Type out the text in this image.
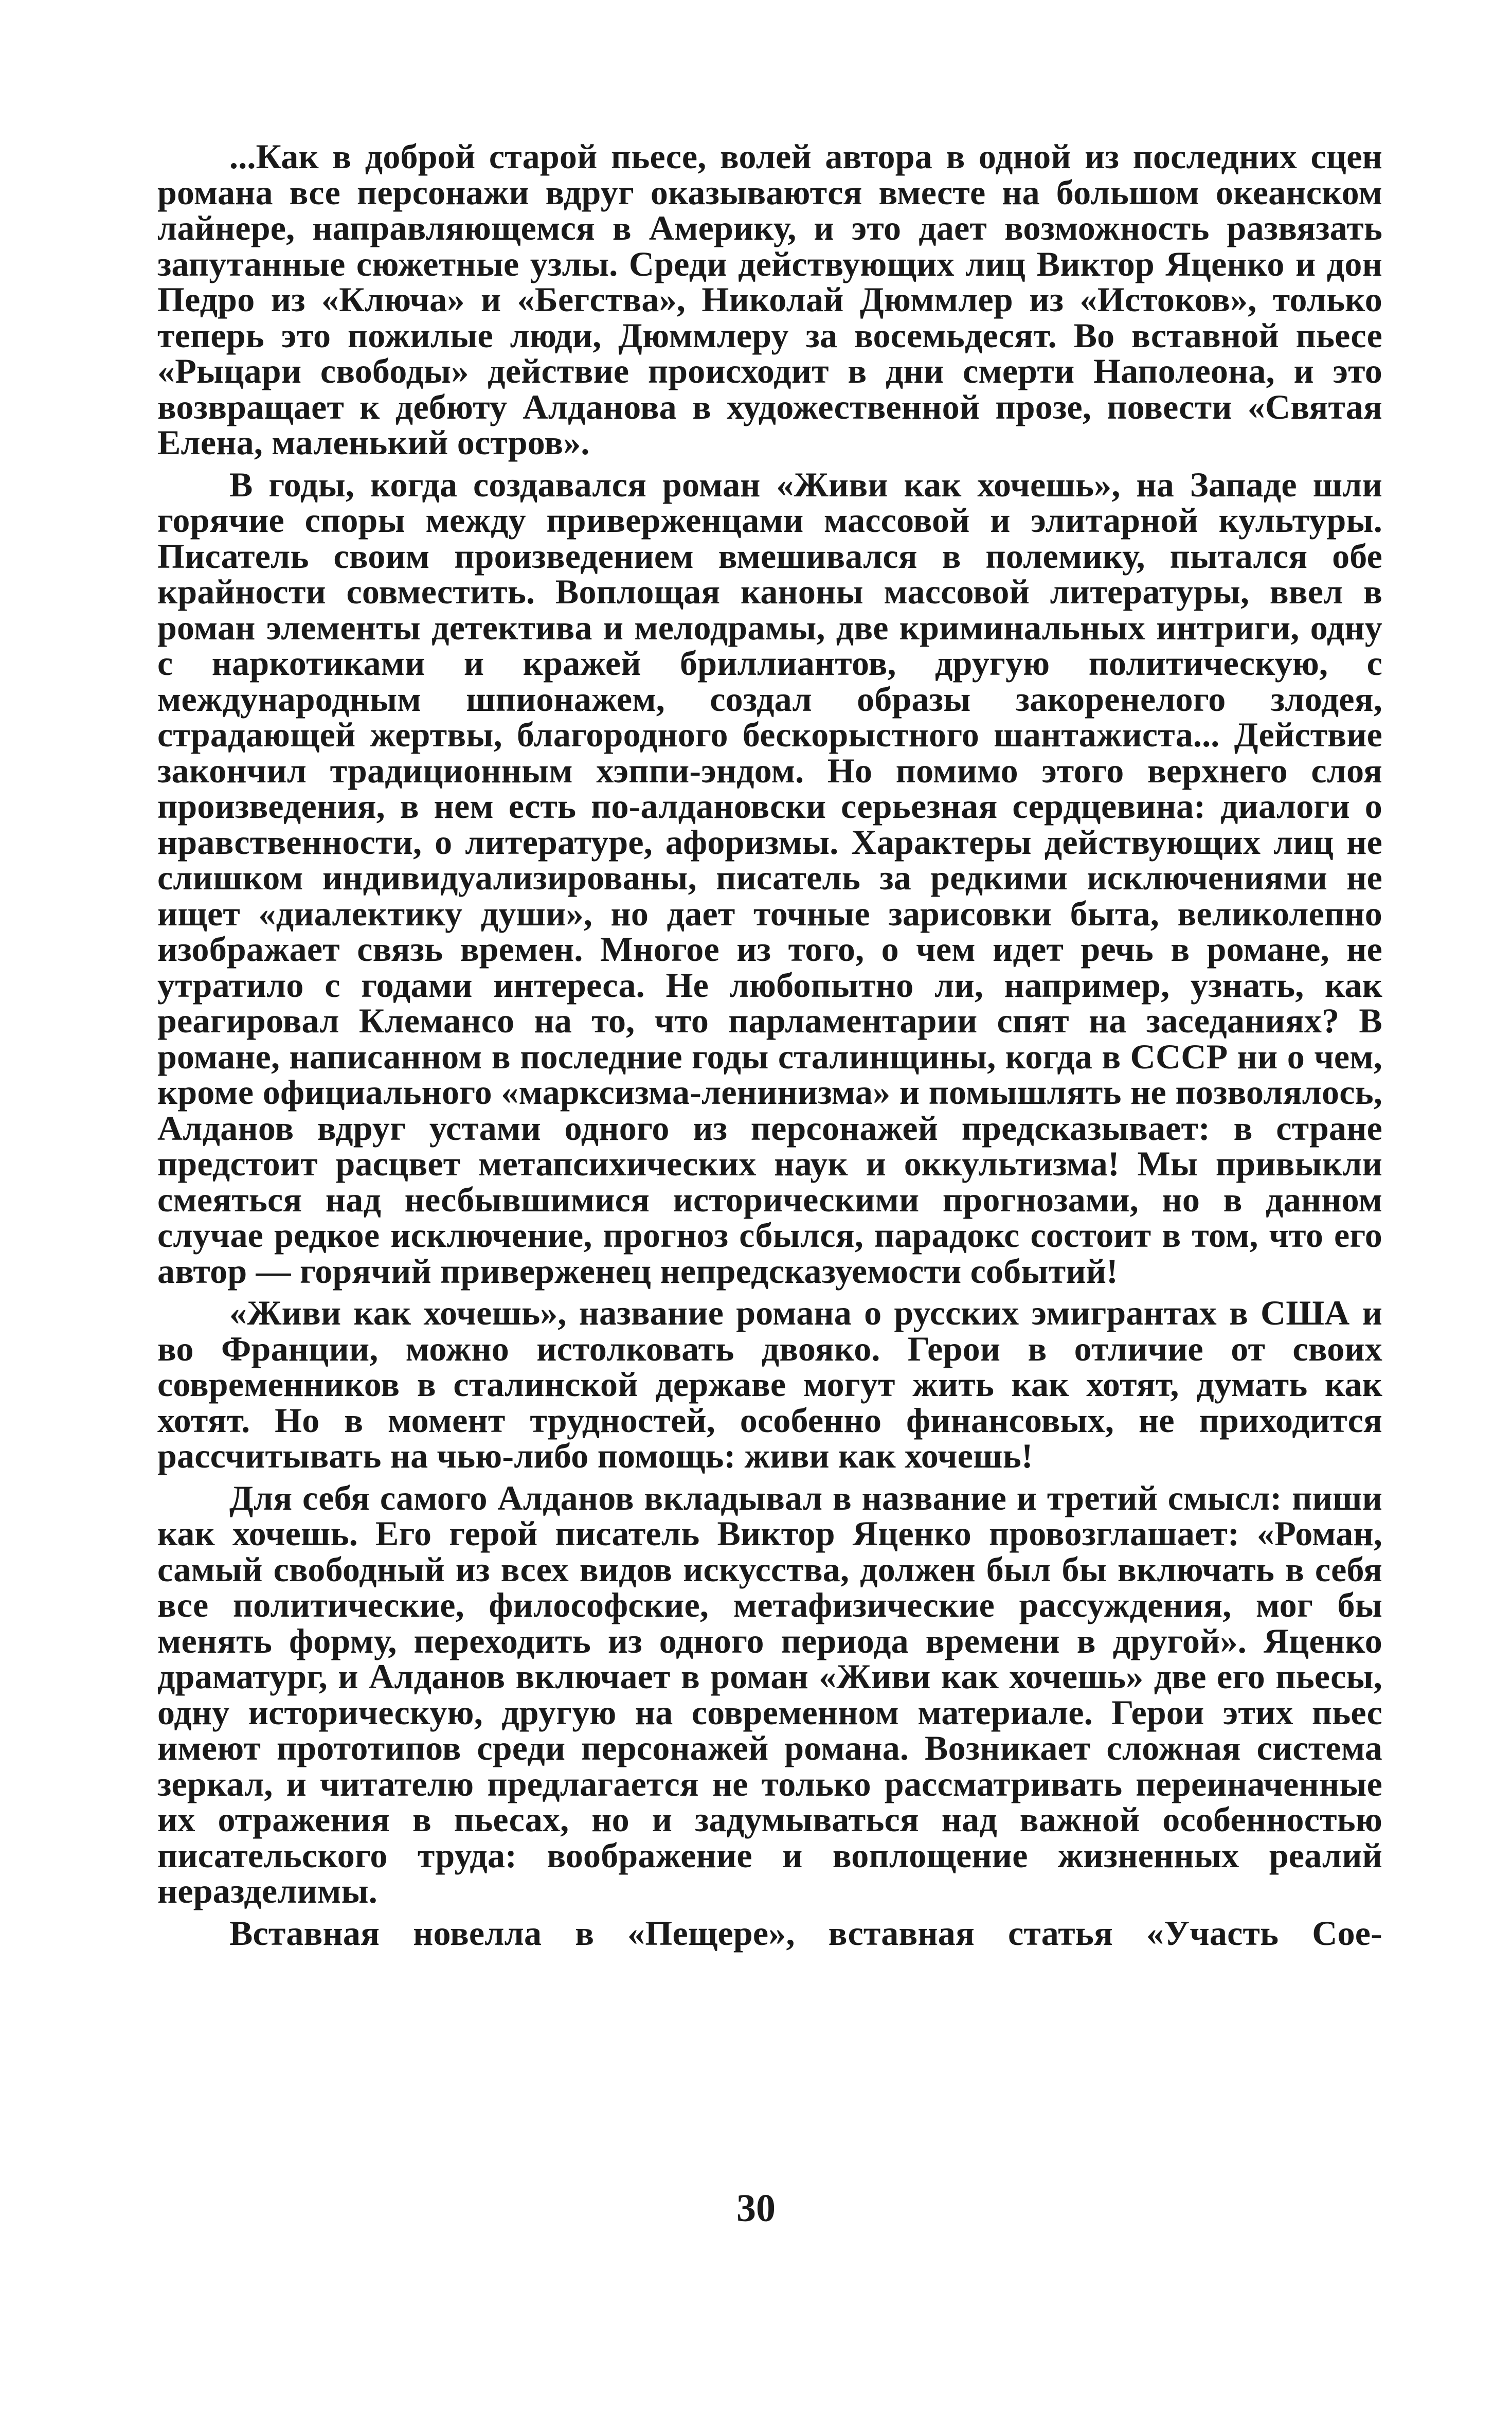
...Как в доброй старой пьесе, волей автора в одной из последних сцен романа все персонажи вдруг оказываются вместе на большом океанском лайнере, направляющемся в Америку, и это дает возможность развязать запутанные сюжетные узлы. Среди действующих лиц Виктор Яценко и дон Педро из «Ключа» и «Бегства», Николай Дюммлер из «Истоков», только теперь это пожилые люди, Дюммлеру за восемьдесят. Во вставной пьесе «Рыцари свободы» действие происходит в дни смерти Наполеона, и это возвращает к дебюту Алданова в художественной прозе, повести «Святая Елена, маленький остров».

В годы, когда создавался роман «Живи как хочешь», на Западе шли горячие споры между приверженцами массовой и элитарной культуры. Писатель своим произведением вмешивался в полемику, пытался обе крайности совместить. Воплощая каноны массовой литературы, ввел в роман элементы детектива и мелодрамы, две криминальных интриги, одну с наркотиками и кражей бриллиантов, другую политическую, с международным шпионажем, создал образы закоренелого злодея, страдающей жертвы, благородного бескорыстного шантажиста... Действие закончил традиционным хэппи-эндом. Но помимо этого верхнего слоя произведения, в нем есть по-алдановски серьезная сердцевина: диалоги о нравственности, о литературе, афоризмы. Характеры действующих лиц не слишком индивидуализированы, писатель за редкими исключениями не ищет «диалектику души», но дает точные зарисовки быта, великолепно изображает связь времен. Многое из того, о чем идет речь в романе, не утратило с годами интереса. Не любопытно ли, например, узнать, как реагировал Клемансо на то, что парламентарии спят на заседаниях? В романе, написанном в последние годы сталинщины, когда в СССР ни о чем, кроме официального «марксизма-ленинизма» и помышлять не позволялось, Алданов вдруг устами одного из персонажей предсказывает: в стране предстоит расцвет метапсихических наук и оккультизма! Мы привыкли смеяться над несбывшимися историческими прогнозами, но в данном случае редкое исключение, прогноз сбылся, парадокс состоит в том, что его автор — горячий приверженец непредсказуемости событий!

«Живи как хочешь», название романа о русских эмигрантах в США и во Франции, можно истолковать двояко. Герои в отличие от своих современников в сталинской державе могут жить как хотят, думать как хотят. Но в момент трудностей, особенно финансовых, не приходится рассчитывать на чью-либо помощь: живи как хочешь!

Для себя самого Алданов вкладывал в название и третий смысл: пиши как хочешь. Его герой писатель Виктор Яценко провозглашает: «Роман, самый свободный из всех видов искусства, должен был бы включать в себя все политические, философские, метафизические рассуждения, мог бы менять форму, переходить из одного периода времени в другой». Яценко драматург, и Алданов включает в роман «Живи как хочешь» две его пьесы, одну историческую, другую на современном материале. Герои этих пьес имеют прототипов среди персонажей романа. Возникает сложная система зеркал, и читателю предлагается не только рассматривать переиначенные их отражения в пьесах, но и задумываться над важной особенностью писательского труда: воображение и воплощение жизненных реалий неразделимы.

Вставная новелла в «Пещере», вставная статья «Участь Сое-

30
